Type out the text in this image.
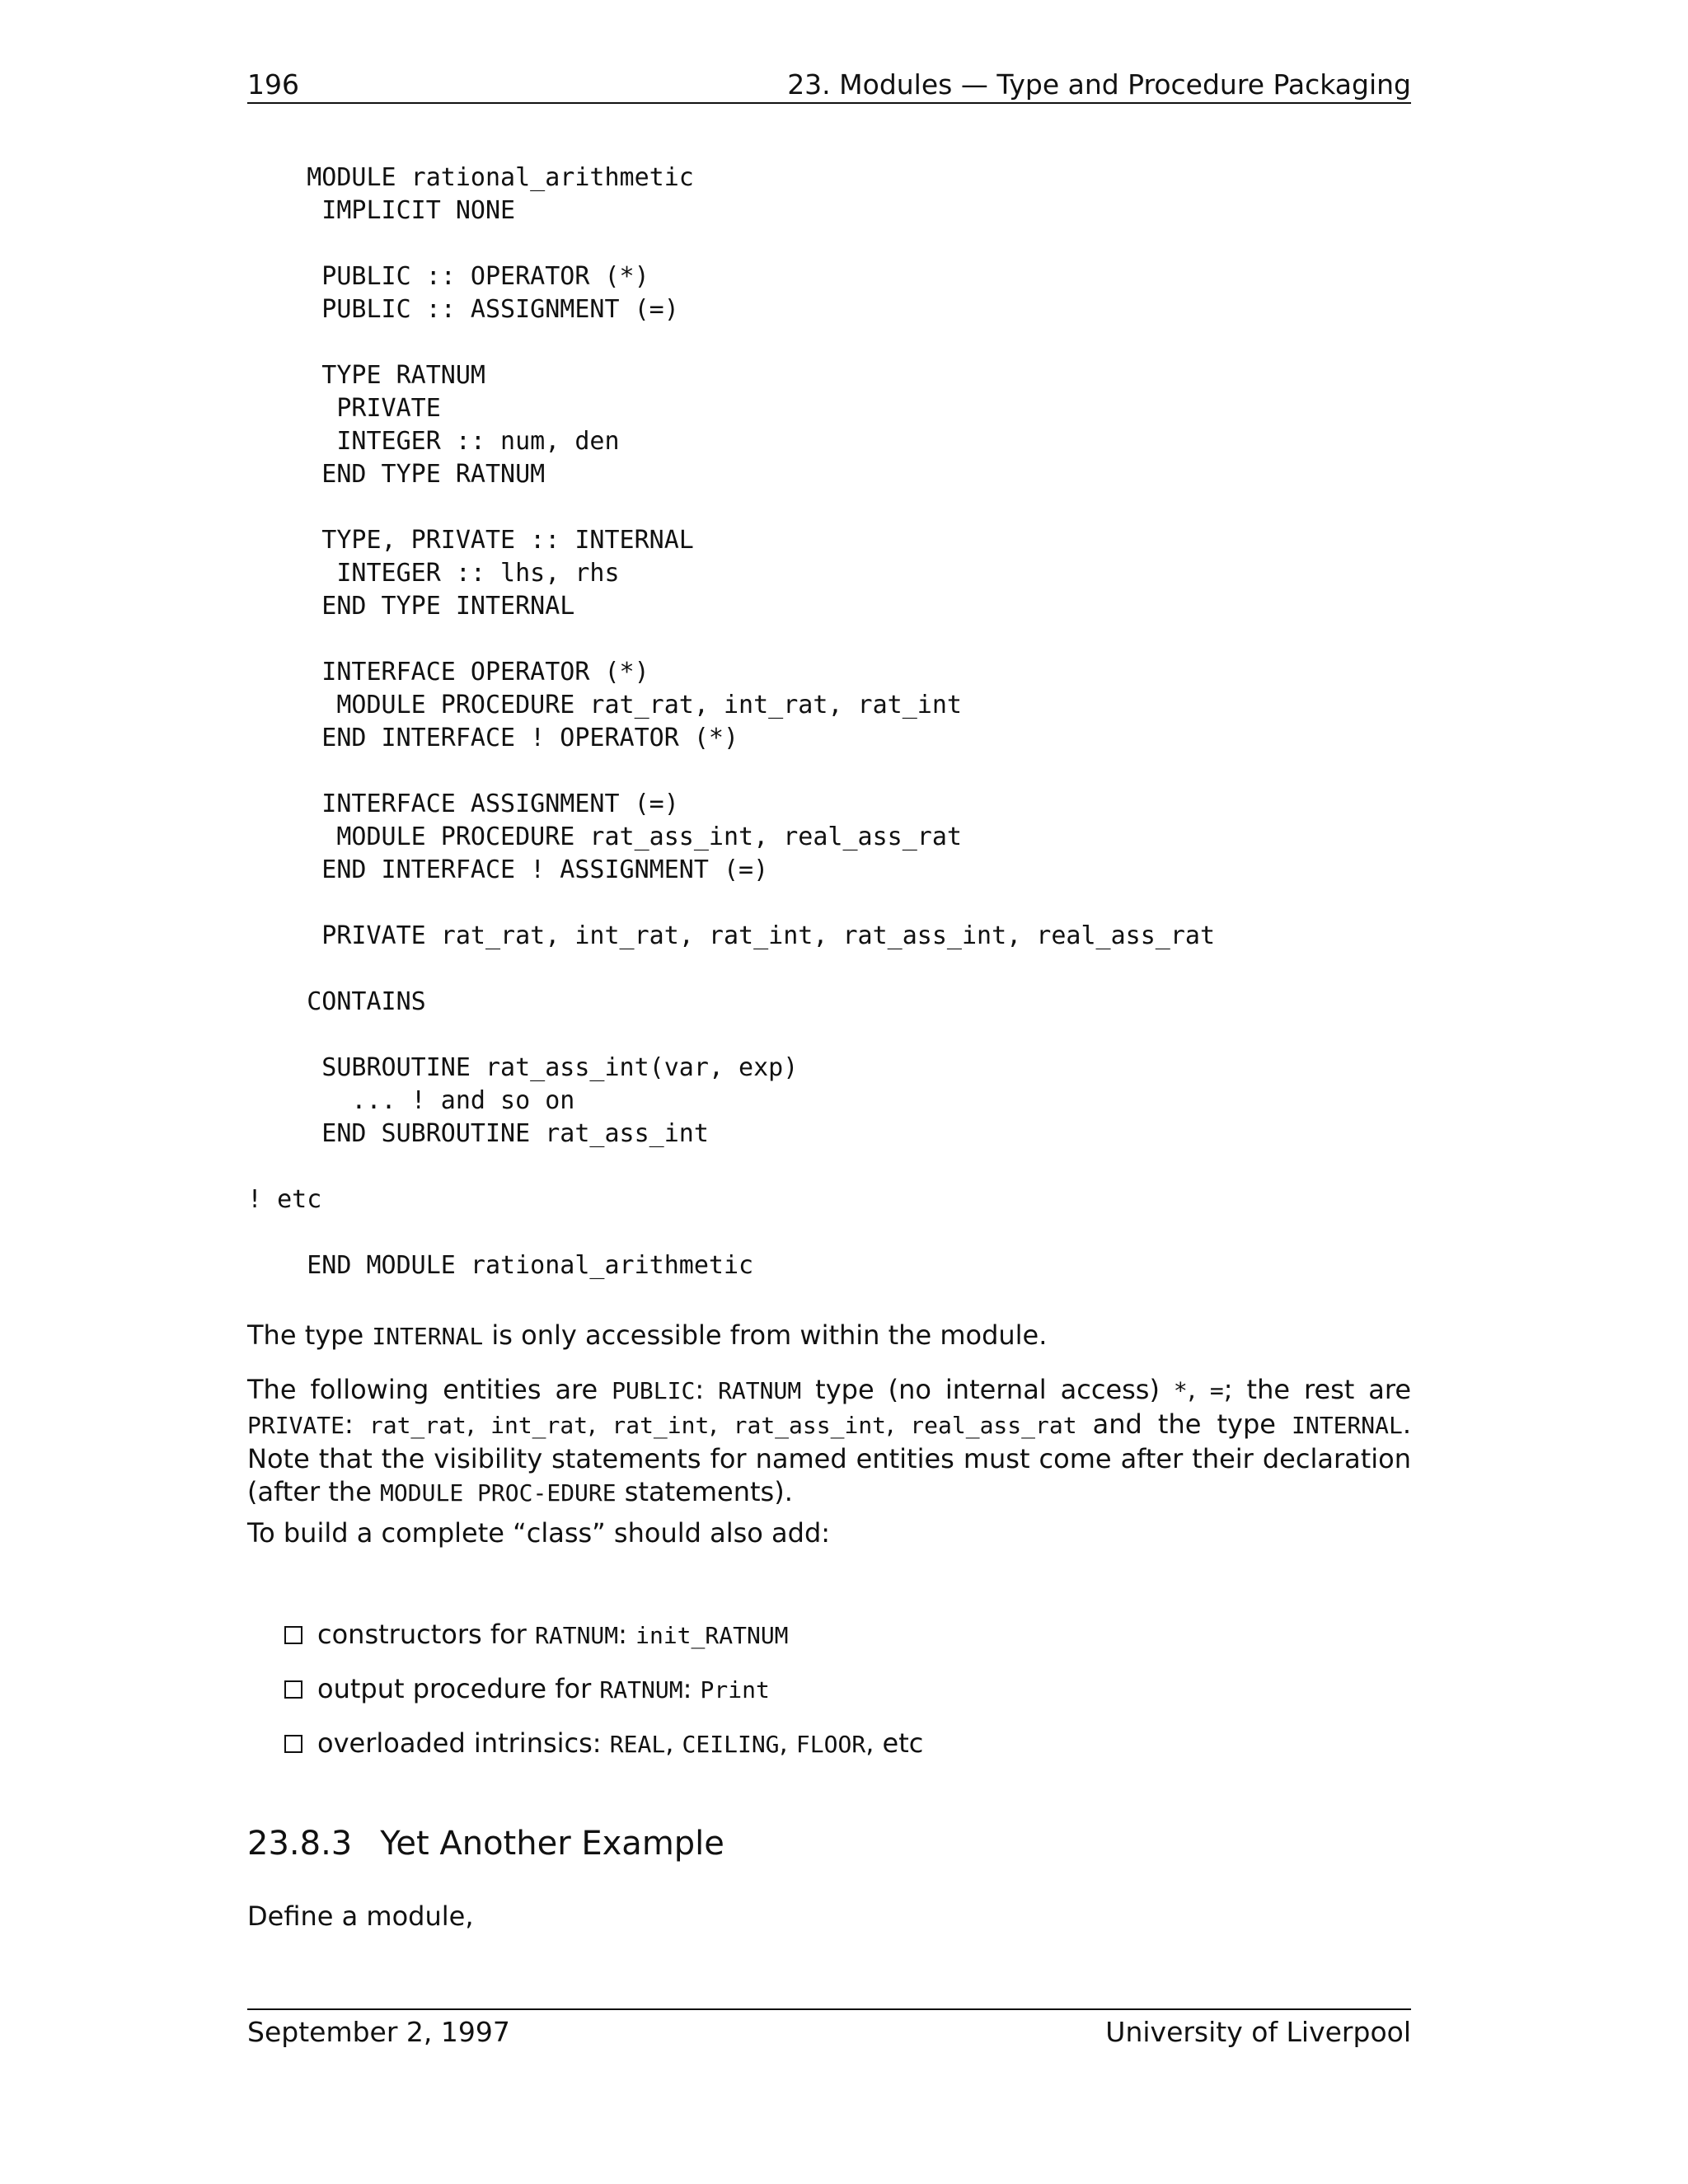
196	23. Modules — Type and Procedure Packaging
MODULE rational_arithmetic
IMPLICIT NONE
PUBLIC :: OPERATOR (*)
PUBLIC :: ASSIGNMENT (=)
TYPE RATNUM
PRIVATE
INTEGER :: num, den
END TYPE RATNUM
TYPE, PRIVATE :: INTERNAL
INTEGER :: lhs, rhs
END TYPE INTERNAL
INTERFACE OPERATOR (*)
MODULE PROCEDURE rat_rat, int_rat, rat_int
END INTERFACE ! OPERATOR (*)
INTERFACE ASSIGNMENT (=)
MODULE PROCEDURE rat_ass_int, real_ass_rat
END INTERFACE ! ASSIGNMENT (=)
PRIVATE rat_rat, int_rat, rat_int, rat_ass_int, real_ass_rat
CONTAINS
SUBROUTINE rat_ass_int(var, exp)
... ! and so on
END SUBROUTINE rat_ass_int
! etc
END MODULE rational_arithmetic
The type INTERNAL is only accessible from within the module.
The following entities are PUBLIC: RATNUM type (no internal access) *, =; the rest are PRIVATE: rat_rat, int_rat, rat_int, rat_ass_int, real_ass_rat and the type INTERNAL. Note that the visibility statements for named entities must come after their declaration (after the MODULE PROC-EDURE statements).
To build a complete “class” should also add:
constructors for RATNUM: init_RATNUM
output procedure for RATNUM: Print
overloaded intrinsics: REAL, CEILING, FLOOR, etc
23.8.3 Yet Another Example
Define a module,
September 2, 1997	University of Liverpool
